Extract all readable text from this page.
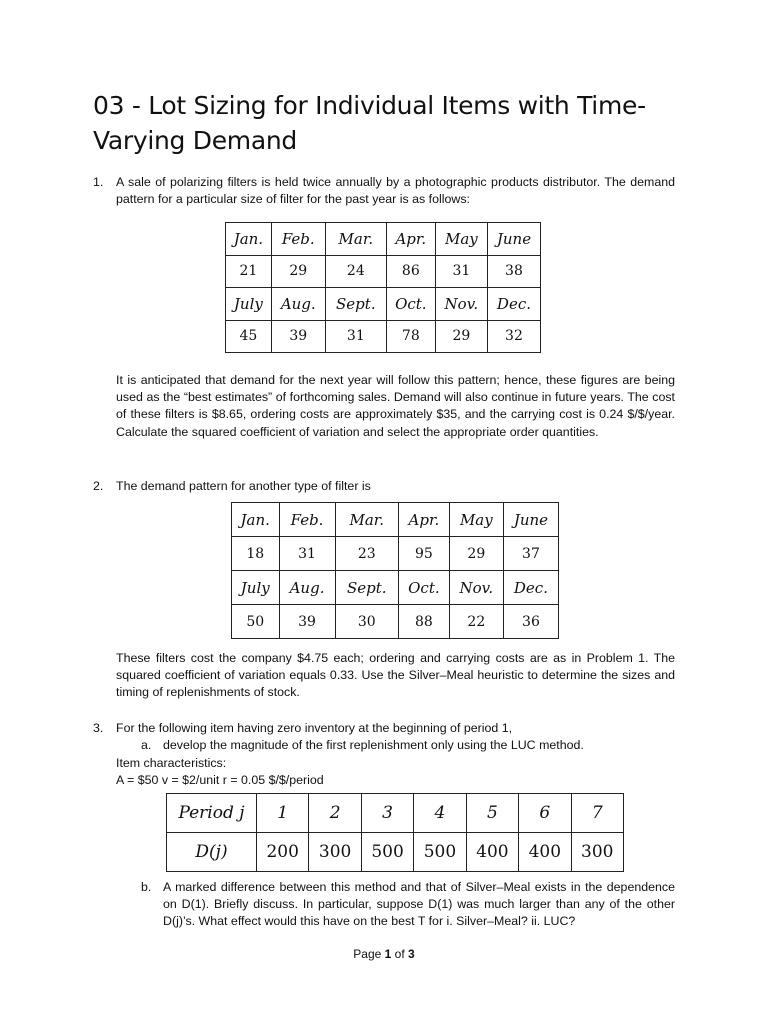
03 - Lot Sizing for Individual Items with Time-Varying Demand
1. A sale of polarizing filters is held twice annually by a photographic products distributor. The demand pattern for a particular size of filter for the past year is as follows:

Jan.	Feb.	Mar.	Apr.	May	June
21	29	24	86	31	38
July	Aug.	Sept.	Oct.	Nov.	Dec.
45	39	31	78	29	32

It is anticipated that demand for the next year will follow this pattern; hence, these figures are being used as the “best estimates” of forthcoming sales. Demand will also continue in future years. The cost of these filters is $8.65, ordering costs are approximately $35, and the carrying cost is 0.24 $/$/year. Calculate the squared coefficient of variation and select the appropriate order quantities.

2. The demand pattern for another type of filter is

Jan.	Feb.	Mar.	Apr.	May	June
18	31	23	95	29	37
July	Aug.	Sept.	Oct.	Nov.	Dec.
50	39	30	88	22	36

These filters cost the company $4.75 each; ordering and carrying costs are as in Problem 1. The squared coefficient of variation equals 0.33. Use the Silver–Meal heuristic to determine the sizes and timing of replenishments of stock.

3. For the following item having zero inventory at the beginning of period 1,
a. develop the magnitude of the first replenishment only using the LUC method.
Item characteristics:
A = $50 v = $2/unit r = 0.05 $/$/period
Period j	1	2	3	4	5	6	7
D(j)	200	300	500	500	400	400	300
b. A marked difference between this method and that of Silver–Meal exists in the dependence on D(1). Briefly discuss. In particular, suppose D(1) was much larger than any of the other D(j)’s. What effect would this have on the best T for i. Silver–Meal? ii. LUC?

Page 1 of 3
